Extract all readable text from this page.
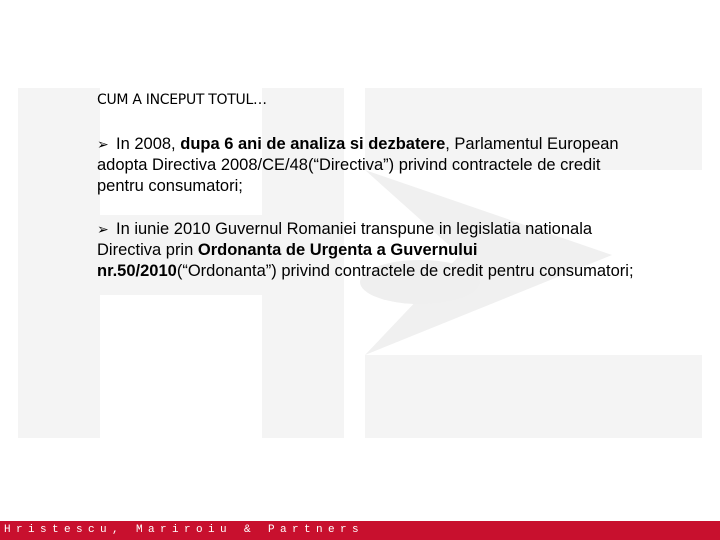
CUM A INCEPUT TOTUL…
➢ In 2008, dupa 6 ani de analiza si dezbatere, Parlamentul European adopta Directiva 2008/CE/48(“Directiva”) privind contractele de credit pentru consumatori;
➢ In iunie 2010 Guvernul Romaniei transpune in legislatia nationala Directiva prin Ordonanta de Urgenta a Guvernului nr.50/2010(“Ordonanta”) privind contractele de credit pentru consumatori;
Hristescu, Mariroiu & Partners
